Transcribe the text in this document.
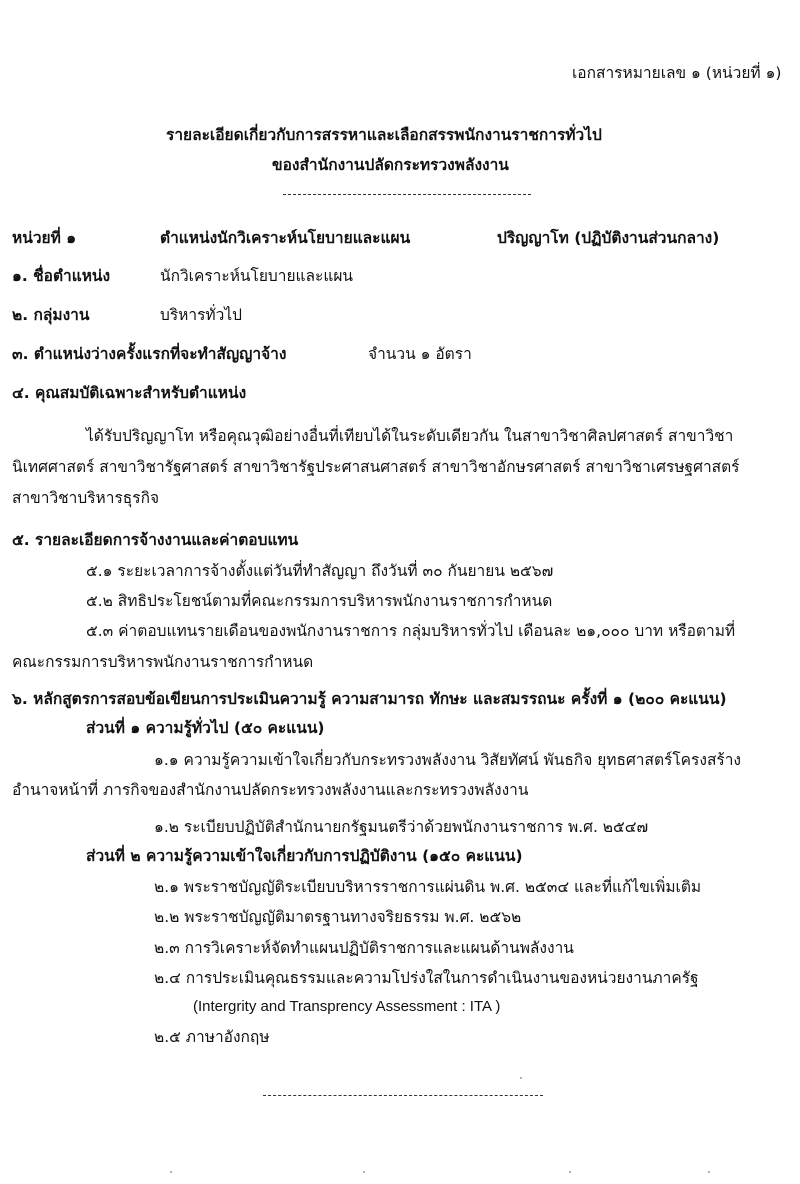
เอกสารหมายเลข ๑ (หน่วยที่ ๑)
รายละเอียดเกี่ยวกับการสรรหาและเลือกสรรพนักงานราชการทั่วไป
ของสำนักงานปลัดกระทรวงพลังงาน
หน่วยที่ ๑	ตำแหน่งนักวิเคราะห์นโยบายและแผน	ปริญญาโท (ปฏิบัติงานส่วนกลาง)
๑. ชื่อตำแหน่ง	นักวิเคราะห์นโยบายและแผน
๒. กลุ่มงาน	บริหารทั่วไป
๓. ตำแหน่งว่างครั้งแรกที่จะทำสัญญาจ้าง	จำนวน ๑ อัตรา
๔. คุณสมบัติเฉพาะสำหรับตำแหน่ง
ได้รับปริญญาโท หรือคุณวุฒิอย่างอื่นที่เทียบได้ในระดับเดียวกัน ในสาขาวิชาศิลปศาสตร์ สาขาวิชา
นิเทศศาสตร์ สาขาวิชารัฐศาสตร์ สาขาวิชารัฐประศาสนศาสตร์ สาขาวิชาอักษรศาสตร์ สาขาวิชาเศรษฐศาสตร์
สาขาวิชาบริหารธุรกิจ
๕. รายละเอียดการจ้างงานและค่าตอบแทน
๕.๑ ระยะเวลาการจ้างตั้งแต่วันที่ทำสัญญา ถึงวันที่ ๓๐ กันยายน ๒๕๖๗
๕.๒ สิทธิประโยชน์ตามที่คณะกรรมการบริหารพนักงานราชการกำหนด
๕.๓ ค่าตอบแทนรายเดือนของพนักงานราชการ กลุ่มบริหารทั่วไป เดือนละ ๒๑,๐๐๐ บาท หรือตามที่
คณะกรรมการบริหารพนักงานราชการกำหนด
๖. หลักสูตรการสอบข้อเขียนการประเมินความรู้ ความสามารถ ทักษะ และสมรรถนะ ครั้งที่ ๑ (๒๐๐ คะแนน)
ส่วนที่ ๑ ความรู้ทั่วไป (๕๐ คะแนน)
๑.๑ ความรู้ความเข้าใจเกี่ยวกับกระทรวงพลังงาน วิสัยทัศน์ พันธกิจ ยุทธศาสตร์โครงสร้าง
อำนาจหน้าที่ ภารกิจของสำนักงานปลัดกระทรวงพลังงานและกระทรวงพลังงาน
๑.๒ ระเบียบปฏิบัติสำนักนายกรัฐมนตรีว่าด้วยพนักงานราชการ พ.ศ. ๒๕๔๗
ส่วนที่ ๒ ความรู้ความเข้าใจเกี่ยวกับการปฏิบัติงาน (๑๕๐ คะแนน)
๒.๑ พระราชบัญญัติระเบียบบริหารราชการแผ่นดิน พ.ศ. ๒๕๓๔ และที่แก้ไขเพิ่มเติม
๒.๒ พระราชบัญญัติมาตรฐานทางจริยธรรม พ.ศ. ๒๕๖๒
๒.๓ การวิเคราะห์จัดทำแผนปฏิบัติราชการและแผนด้านพลังงาน
๒.๔ การประเมินคุณธรรมและความโปร่งใสในการดำเนินงานของหน่วยงานภาครัฐ
(Intergrity and Transprency Assessment : ITA )
๒.๕ ภาษาอังกฤษ
